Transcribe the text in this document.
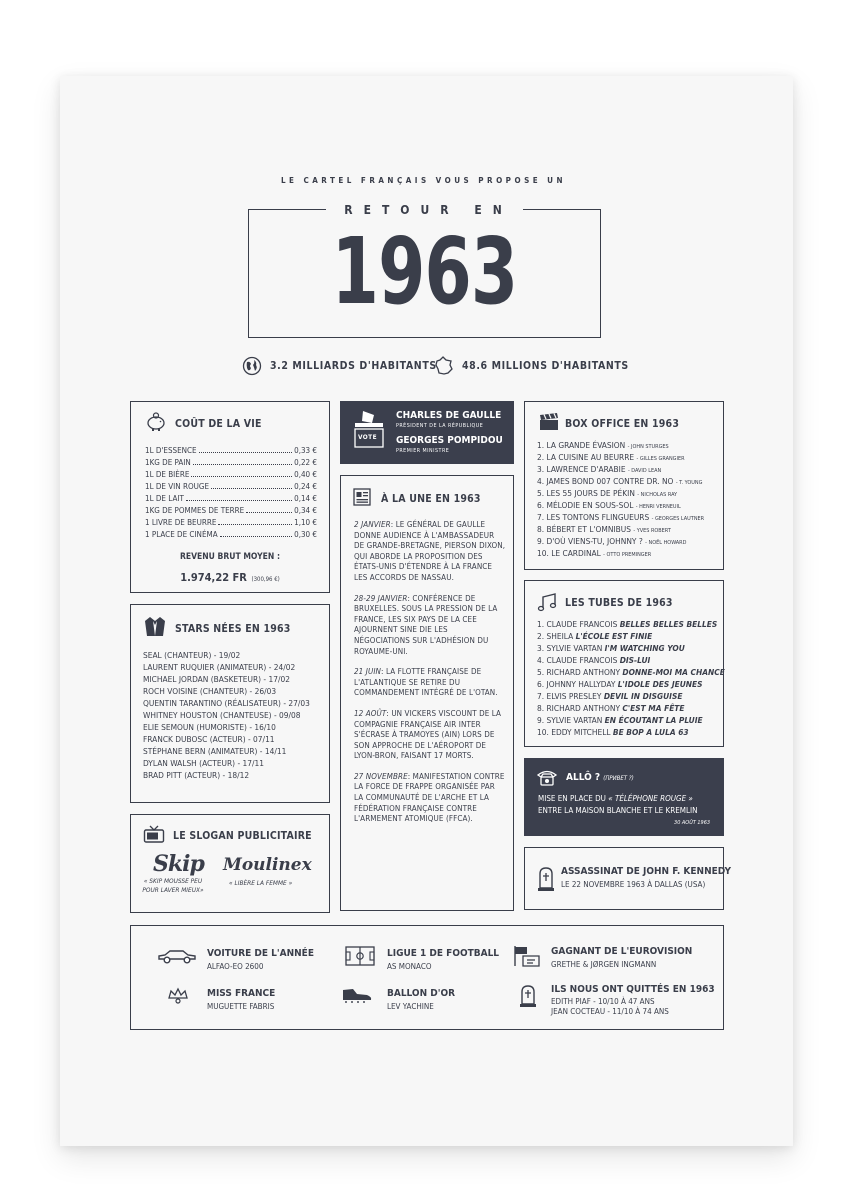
LE CARTEL FRANÇAIS VOUS PROPOSE UN
RETOUR EN
1963
3.2 MILLIARDS D'HABITANTS 48.6 MILLIONS D'HABITANTS
COÛT DE LA VIE
1L D'ESSENCE	0,33 €
1KG DE PAIN	0,22 €
1L DE BIÈRE	0,40 €
1L DE VIN ROUGE	0,24 €
1L DE LAIT	0,14 €
1KG DE POMMES DE TERRE	0,34 €
1 LIVRE DE BEURRE	1,10 €
1 PLACE DE CINÉMA	0,30 €
REVENU BRUT MOYEN :
1.974,22 FR (300,96 €)
STARS NÉES EN 1963
SEAL (CHANTEUR) - 19/02
LAURENT RUQUIER (ANIMATEUR) - 24/02
MICHAEL JORDAN (BASKETEUR) - 17/02
ROCH VOISINE (CHANTEUR) - 26/03
QUENTIN TARANTINO (RÉALISATEUR) - 27/03
WHITNEY HOUSTON (CHANTEUSE) - 09/08
ELIE SEMOUN (HUMORISTE) - 16/10
FRANCK DUBOSC (ACTEUR) - 07/11
STÉPHANE BERN (ANIMATEUR) - 14/11
DYLAN WALSH (ACTEUR) - 17/11
BRAD PITT (ACTEUR) - 18/12
LE SLOGAN PUBLICITAIRE
Skip
« SKIP MOUSSE PEU POUR LAVER MIEUX»
Moulinex
« LIBÈRE LA FEMME »
VOTE
CHARLES DE GAULLE
PRÉSIDENT DE LA RÉPUBLIQUE
GEORGES POMPIDOU
PREMIER MINISTRE
À LA UNE EN 1963

2 JANVIER: LE GÉNÉRAL DE GAULLE DONNE AUDIENCE À L'AMBASSADEUR DE GRANDE-BRETAGNE, PIERSON DIXON, QUI ABORDE LA PROPOSITION DES ÉTATS-UNIS D'ÉTENDRE À LA FRANCE LES ACCORDS DE NASSAU.

28-29 JANVIER: CONFÉRENCE DE BRUXELLES. SOUS LA PRESSION DE LA FRANCE, LES SIX PAYS DE LA CEE AJOURNENT SINE DIE LES NÉGOCIATIONS SUR L'ADHÉSION DU ROYAUME-UNI.

21 JUIN: LA FLOTTE FRANÇAISE DE L'ATLANTIQUE SE RETIRE DU COMMANDEMENT INTÉGRÉ DE L'OTAN.

12 AOÛT: UN VICKERS VISCOUNT DE LA COMPAGNIE FRANÇAISE AIR INTER S'ÉCRASE À TRAMOYES (AIN) LORS DE SON APPROCHE DE L'AÉROPORT DE LYON-BRON, FAISANT 17 MORTS.

27 NOVEMBRE: MANIFESTATION CONTRE LA FORCE DE FRAPPE ORGANISÉE PAR LA COMMUNAUTÉ DE L'ARCHE ET LA FÉDÉRATION FRANÇAISE CONTRE L'ARMEMENT ATOMIQUE (FFCA).

BOX OFFICE EN 1963
1. LA GRANDE ÉVASION - JOHN STURGES
2. LA CUISINE AU BEURRE - GILLES GRANGIER
3. LAWRENCE D'ARABIE - DAVID LEAN
4. JAMES BOND 007 CONTRE DR. NO - T. YOUNG
5. LES 55 JOURS DE PÉKIN - NICHOLAS RAY
6. MÉLODIE EN SOUS-SOL - HENRI VERNEUIL
7. LES TONTONS FLINGUEURS - GEORGES LAUTNER
8. BÉBERT ET L'OMNIBUS - YVES ROBERT
9. D'OÙ VIENS-TU, JOHNNY ? - NOËL HOWARD
10. LE CARDINAL - OTTO PREMINGER
LES TUBES DE 1963
1. CLAUDE FRANCOIS BELLES BELLES BELLES
2. SHEILA L'ÉCOLE EST FINIE
3. SYLVIE VARTAN I'M WATCHING YOU
4. CLAUDE FRANCOIS DIS-LUI
5. RICHARD ANTHONY DONNE-MOI MA CHANCE
6. JOHNNY HALLYDAY L'IDOLE DES JEUNES
7. ELVIS PRESLEY DEVIL IN DISGUISE
8. RICHARD ANTHONY C'EST MA FÊTE
9. SYLVIE VARTAN EN ÉCOUTANT LA PLUIE
10. EDDY MITCHELL BE BOP A LULA 63
ALLÔ ? (ПРИВЕТ ?)
MISE EN PLACE DU « TÉLÉPHONE ROUGE »
ENTRE LA MAISON BLANCHE ET LE KREMLIN
30 AOÛT 1963
ASSASSINAT DE JOHN F. KENNEDY
LE 22 NOVEMBRE 1963 À DALLAS (USA)
VOITURE DE L'ANNÉE
ALFAO-EO 2600
MISS FRANCE
MUGUETTE FABRIS
LIGUE 1 DE FOOTBALL
AS MONACO
BALLON D'OR
LEV YACHINE
GAGNANT DE L'EUROVISION
GRETHE & JØRGEN INGMANN
ILS NOUS ONT QUITTÉS EN 1963
EDITH PIAF - 10/10 À 47 ANS
JEAN COCTEAU - 11/10 À 74 ANS
